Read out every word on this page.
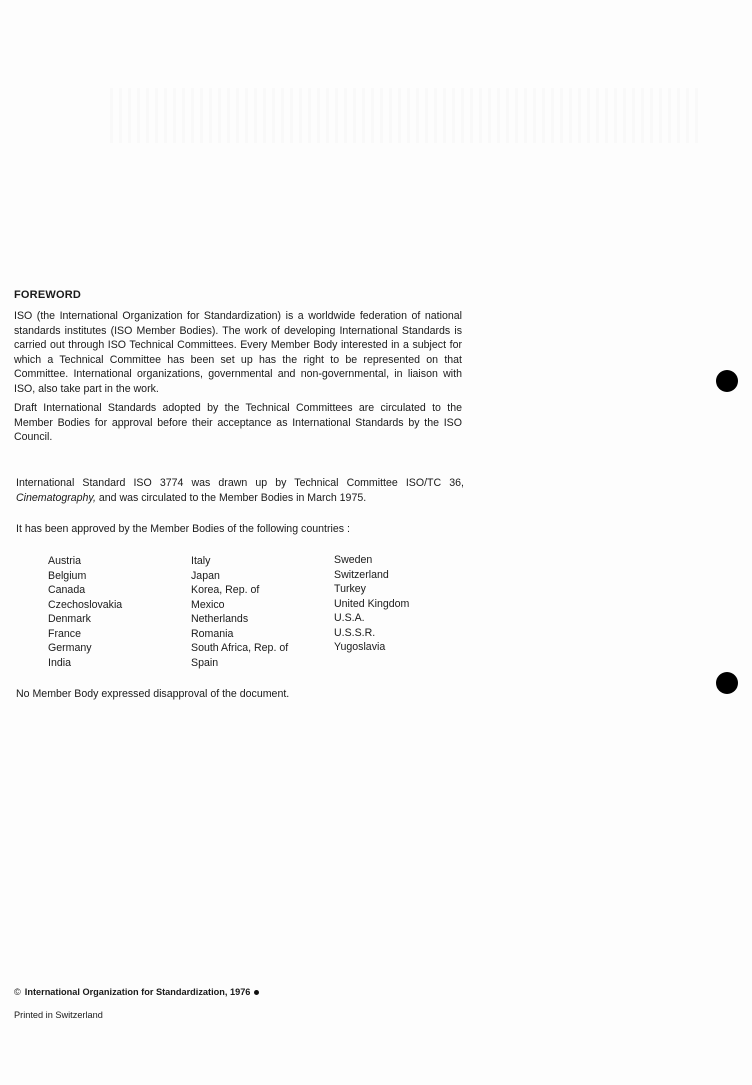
FOREWORD

ISO (the International Organization for Standardization) is a worldwide federation of national standards institutes (ISO Member Bodies). The work of developing International Standards is carried out through ISO Technical Committees. Every Member Body interested in a subject for which a Technical Committee has been set up has the right to be represented on that Committee. International organizations, governmental and non-governmental, in liaison with ISO, also take part in the work.

Draft International Standards adopted by the Technical Committees are circulated to the Member Bodies for approval before their acceptance as International Standards by the ISO Council.

International Standard ISO 3774 was drawn up by Technical Committee ISO/TC 36, Cinematography, and was circulated to the Member Bodies in March 1975.

It has been approved by the Member Bodies of the following countries :

Austria
Belgium
Canada
Czechoslovakia
Denmark
France
Germany
India
Italy
Japan
Korea, Rep. of
Mexico
Netherlands
Romania
South Africa, Rep. of
Spain
Sweden
Switzerland
Turkey
United Kingdom
U.S.A.
U.S.S.R.
Yugoslavia

No Member Body expressed disapproval of the document.

© International Organization for Standardization, 1976
Printed in Switzerland
